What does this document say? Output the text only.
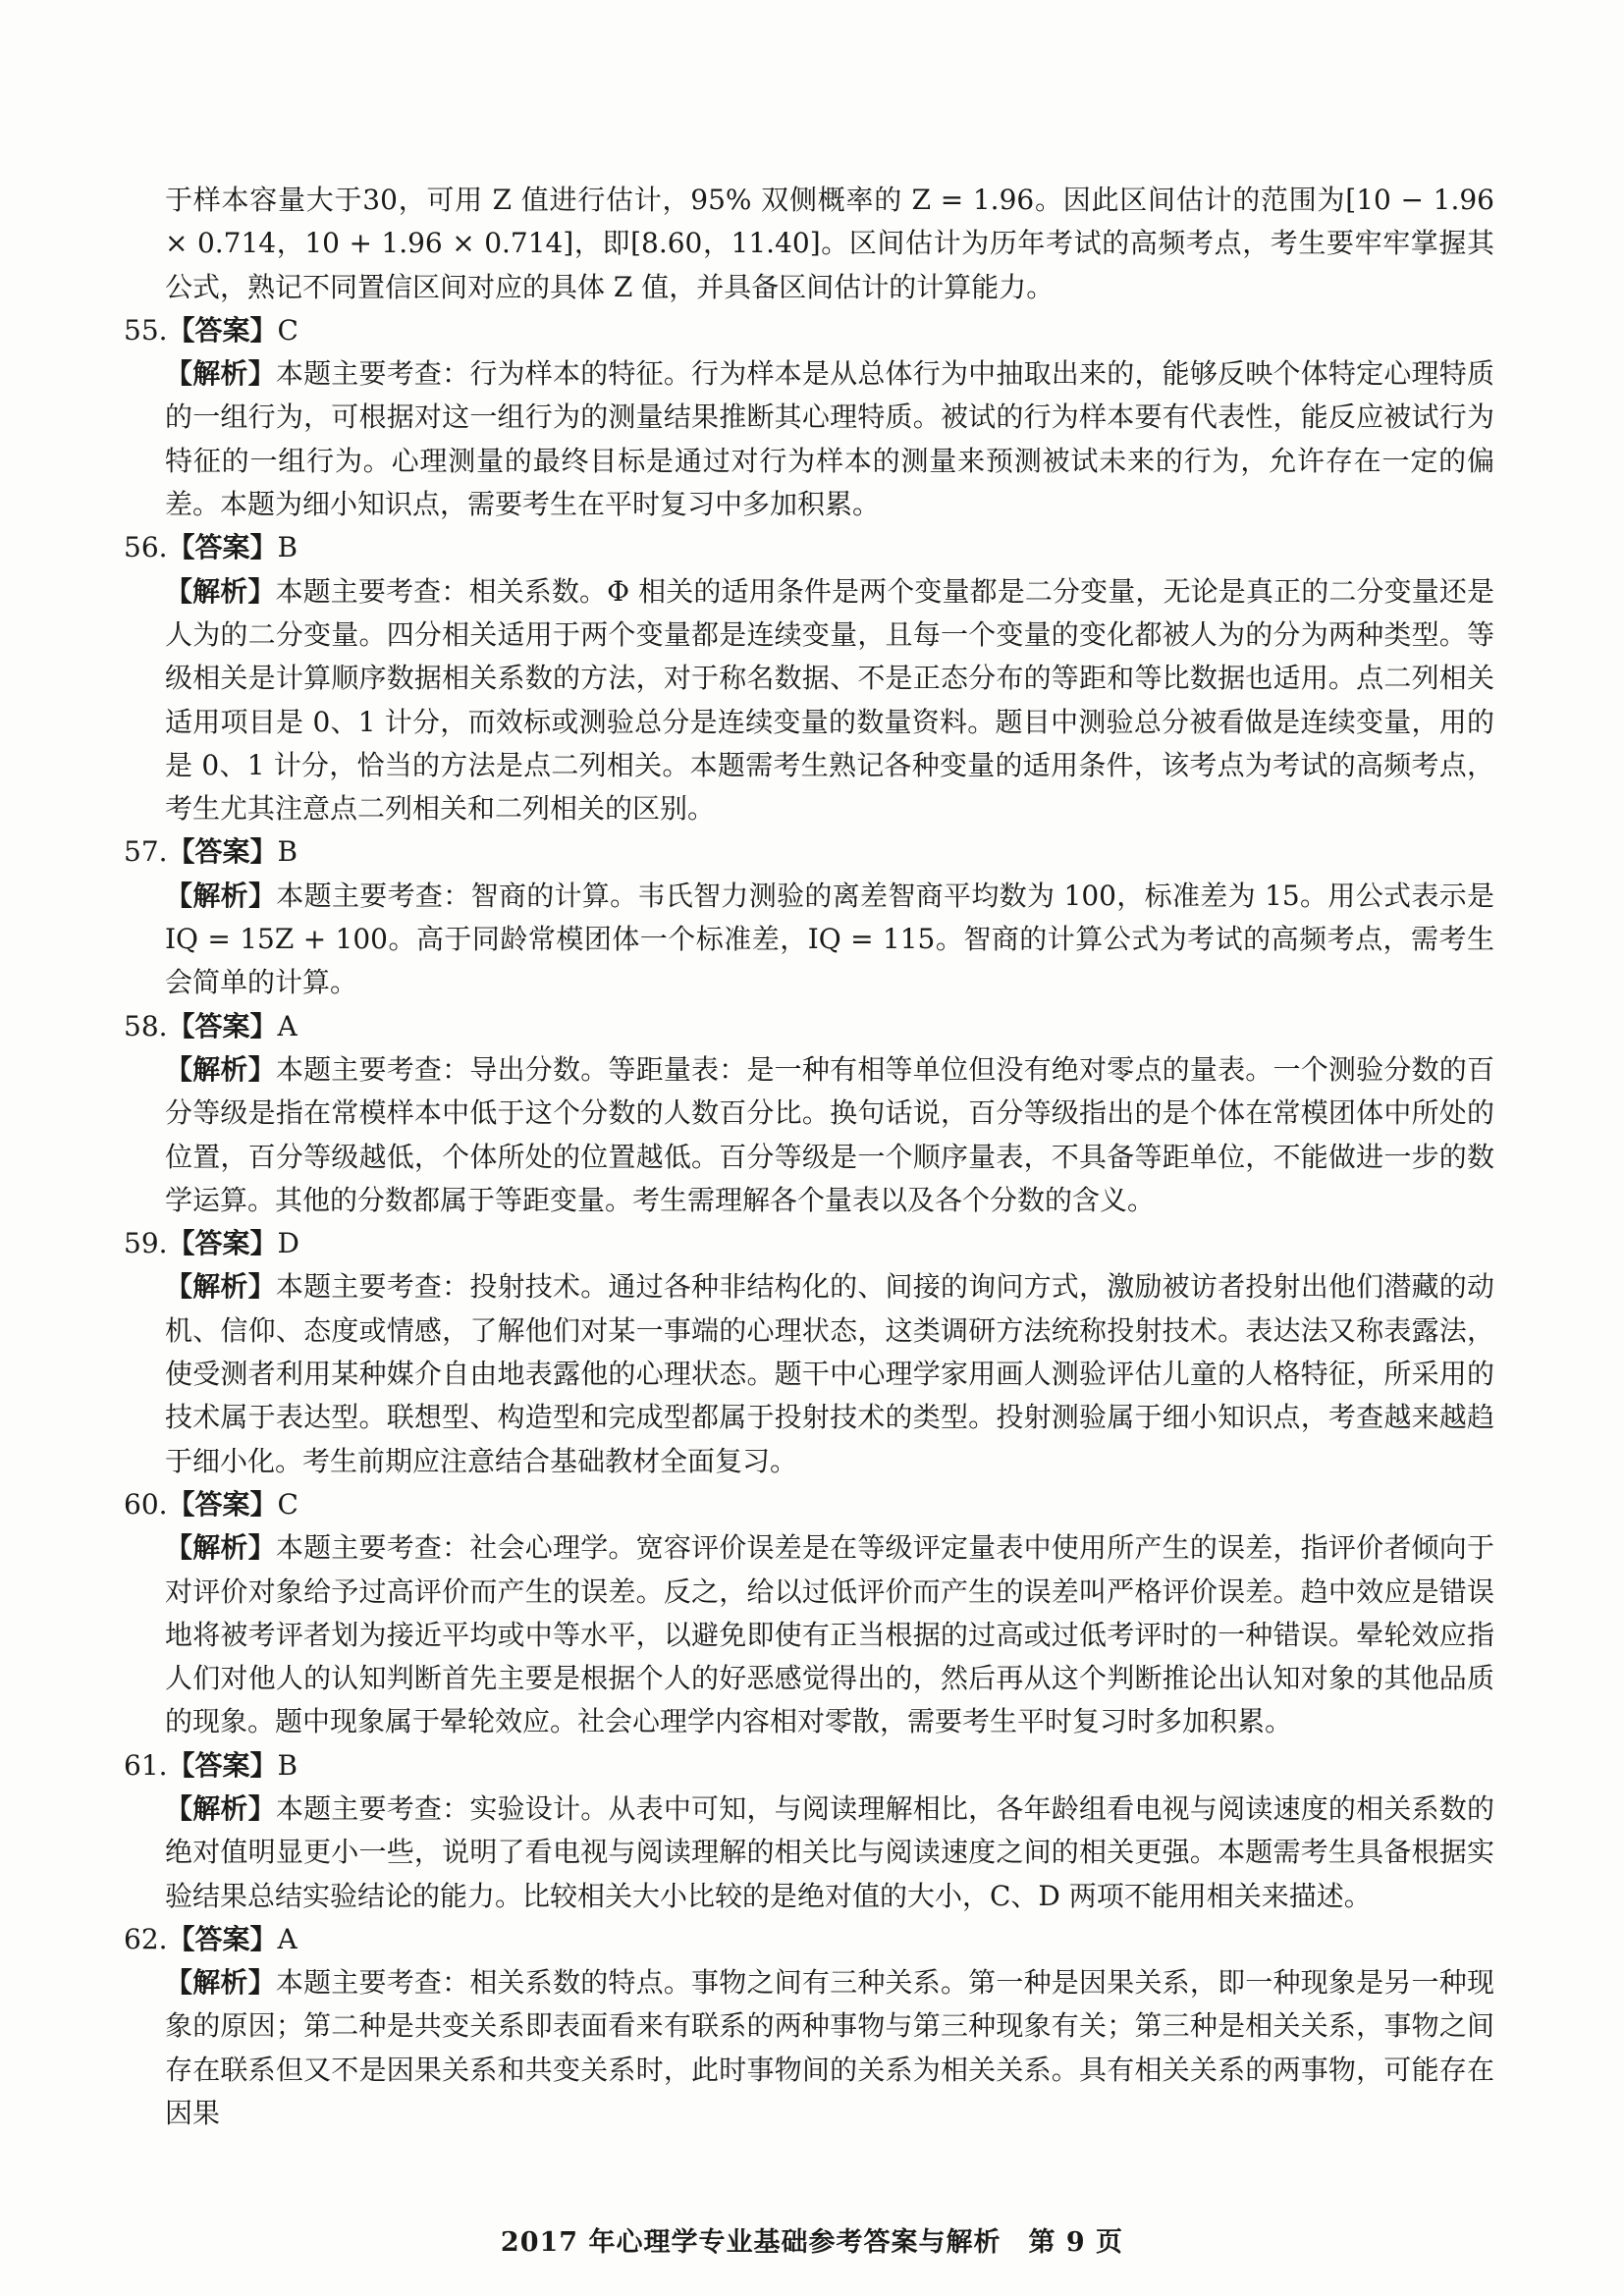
于样本容量大于30，可用 Z 值进行估计，95% 双侧概率的 Z = 1.96。因此区间估计的范围为[10 − 1.96 × 0.714，10 + 1.96 × 0.714]，即[8.60，11.40]。区间估计为历年考试的高频考点，考生要牢牢掌握其公式，熟记不同置信区间对应的具体 Z 值，并具备区间估计的计算能力。

55.【答案】C

【解析】本题主要考查：行为样本的特征。行为样本是从总体行为中抽取出来的，能够反映个体特定心理特质的一组行为，可根据对这一组行为的测量结果推断其心理特质。被试的行为样本要有代表性，能反应被试行为特征的一组行为。心理测量的最终目标是通过对行为样本的测量来预测被试未来的行为，允许存在一定的偏差。本题为细小知识点，需要考生在平时复习中多加积累。

56.【答案】B

【解析】本题主要考查：相关系数。Φ 相关的适用条件是两个变量都是二分变量，无论是真正的二分变量还是人为的二分变量。四分相关适用于两个变量都是连续变量，且每一个变量的变化都被人为的分为两种类型。等级相关是计算顺序数据相关系数的方法，对于称名数据、不是正态分布的等距和等比数据也适用。点二列相关适用项目是 0、1 计分，而效标或测验总分是连续变量的数量资料。题目中测验总分被看做是连续变量，用的是 0、1 计分，恰当的方法是点二列相关。本题需考生熟记各种变量的适用条件，该考点为考试的高频考点，考生尤其注意点二列相关和二列相关的区别。

57.【答案】B

【解析】本题主要考查：智商的计算。韦氏智力测验的离差智商平均数为 100，标准差为 15。用公式表示是 IQ = 15Z + 100。高于同龄常模团体一个标准差，IQ = 115。智商的计算公式为考试的高频考点，需考生会简单的计算。

58.【答案】A

【解析】本题主要考查：导出分数。等距量表：是一种有相等单位但没有绝对零点的量表。一个测验分数的百分等级是指在常模样本中低于这个分数的人数百分比。换句话说，百分等级指出的是个体在常模团体中所处的位置，百分等级越低，个体所处的位置越低。百分等级是一个顺序量表，不具备等距单位，不能做进一步的数学运算。其他的分数都属于等距变量。考生需理解各个量表以及各个分数的含义。

59.【答案】D

【解析】本题主要考查：投射技术。通过各种非结构化的、间接的询问方式，激励被访者投射出他们潜藏的动机、信仰、态度或情感，了解他们对某一事端的心理状态，这类调研方法统称投射技术。表达法又称表露法，使受测者利用某种媒介自由地表露他的心理状态。题干中心理学家用画人测验评估儿童的人格特征，所采用的技术属于表达型。联想型、构造型和完成型都属于投射技术的类型。投射测验属于细小知识点，考查越来越趋于细小化。考生前期应注意结合基础教材全面复习。

60.【答案】C

【解析】本题主要考查：社会心理学。宽容评价误差是在等级评定量表中使用所产生的误差，指评价者倾向于对评价对象给予过高评价而产生的误差。反之，给以过低评价而产生的误差叫严格评价误差。趋中效应是错误地将被考评者划为接近平均或中等水平，以避免即使有正当根据的过高或过低考评时的一种错误。晕轮效应指人们对他人的认知判断首先主要是根据个人的好恶感觉得出的，然后再从这个判断推论出认知对象的其他品质的现象。题中现象属于晕轮效应。社会心理学内容相对零散，需要考生平时复习时多加积累。

61.【答案】B

【解析】本题主要考查：实验设计。从表中可知，与阅读理解相比，各年龄组看电视与阅读速度的相关系数的绝对值明显更小一些，说明了看电视与阅读理解的相关比与阅读速度之间的相关更强。本题需考生具备根据实验结果总结实验结论的能力。比较相关大小比较的是绝对值的大小，C、D 两项不能用相关来描述。

62.【答案】A

【解析】本题主要考查：相关系数的特点。事物之间有三种关系。第一种是因果关系，即一种现象是另一种现象的原因；第二种是共变关系即表面看来有联系的两种事物与第三种现象有关；第三种是相关关系，事物之间存在联系但又不是因果关系和共变关系时，此时事物间的关系为相关关系。具有相关关系的两事物，可能存在因果

2017 年心理学专业基础参考答案与解析　第 9 页
